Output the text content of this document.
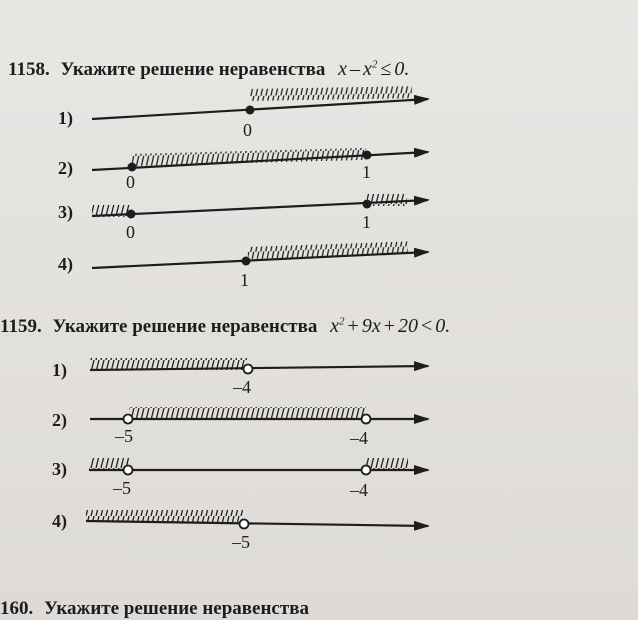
1158. Укажите решение неравенства $x - x^2 \le 0$.
1)
2)
3)
4)
0
0	1
0	1
1
1159. Укажите решение неравенства $x^2 + 9x + 20 < 0$.
1)
2)
3)
4)
–4
–5	–4
–5	–4
–5
160. Укажите решение неравенства
